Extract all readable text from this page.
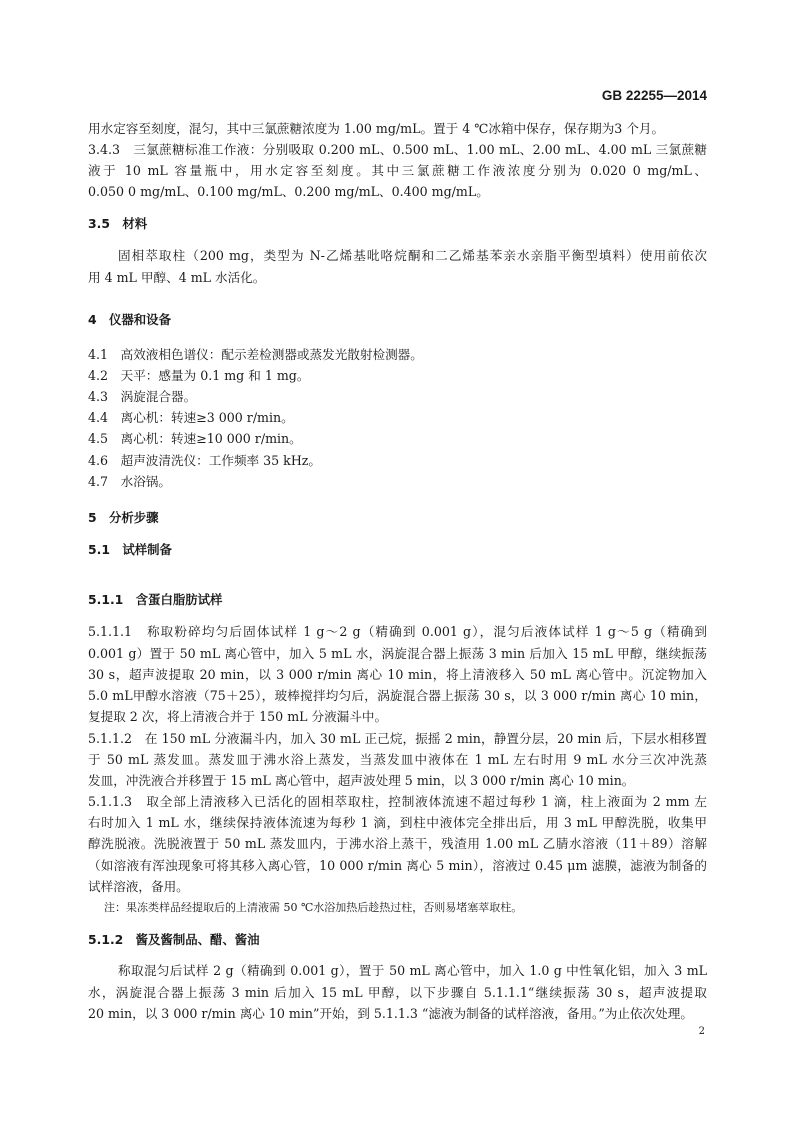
GB 22255—2014
用水定容至刻度，混匀，其中三氯蔗糖浓度为 1.00 mg/mL。置于 4 ℃冰箱中保存，保存期为3 个月。
3.4.3　三氯蔗糖标准工作液：分别吸取 0.200 mL、0.500 mL、1.00 mL、2.00 mL、4.00 mL 三氯蔗糖
液于 10 mL 容量瓶中，用水定容至刻度。其中三氯蔗糖工作液浓度分别为 0.020 0 mg/mL、
0.050 0 mg/mL、0.100 mg/mL、0.200 mg/mL、0.400 mg/mL。
3.5　材料
固相萃取柱（200 mg，类型为 N-乙烯基吡咯烷酮和二乙烯基苯亲水亲脂平衡型填料）使用前依次
用 4 mL 甲醇、4 mL 水活化。
4　仪器和设备
4.1　高效液相色谱仪：配示差检测器或蒸发光散射检测器。
4.2　天平：感量为 0.1 mg 和 1 mg。
4.3　涡旋混合器。
4.4　离心机：转速≥3 000 r/min。
4.5　离心机：转速≥10 000 r/min。
4.6　超声波清洗仪：工作频率 35 kHz。
4.7　水浴锅。
5　分析步骤
5.1　试样制备
5.1.1　含蛋白脂肪试样
5.1.1.1　称取粉碎均匀后固体试样 1 g～2 g（精确到 0.001 g），混匀后液体试样 1 g～5 g（精确到
0.001 g）置于 50 mL 离心管中，加入 5 mL 水，涡旋混合器上振荡 3 min 后加入 15 mL 甲醇，继续振荡
30 s，超声波提取 20 min，以 3 000 r/min 离心 10 min，将上清液移入 50 mL 离心管中。沉淀物加入
5.0 mL甲醇水溶液（75＋25），玻棒搅拌均匀后，涡旋混合器上振荡 30 s，以 3 000 r/min 离心 10 min，
复提取 2 次，将上清液合并于 150 mL 分液漏斗中。
5.1.1.2　在 150 mL 分液漏斗内，加入 30 mL 正己烷，振摇 2 min，静置分层，20 min 后，下层水相移置
于 50 mL 蒸发皿。蒸发皿于沸水浴上蒸发，当蒸发皿中液体在 1 mL 左右时用 9 mL 水分三次冲洗蒸
发皿，冲洗液合并移置于 15 mL 离心管中，超声波处理 5 min，以 3 000 r/min 离心 10 min。
5.1.1.3　取全部上清液移入已活化的固相萃取柱，控制液体流速不超过每秒 1 滴，柱上液面为 2 mm 左
右时加入 1 mL 水，继续保持液体流速为每秒 1 滴，到柱中液体完全排出后，用 3 mL 甲醇洗脱，收集甲
醇洗脱液。洗脱液置于 50 mL 蒸发皿内，于沸水浴上蒸干，残渣用 1.00 mL 乙腈水溶液（11＋89）溶解
（如溶液有浑浊现象可将其移入离心管，10 000 r/min 离心 5 min），溶液过 0.45 μm 滤膜，滤液为制备的
试样溶液，备用。
注：果冻类样品经提取后的上清液需 50 ℃水浴加热后趁热过柱，否则易堵塞萃取柱。
5.1.2　酱及酱制品、醋、酱油
称取混匀后试样 2 g（精确到 0.001 g），置于 50 mL 离心管中，加入 1.0 g 中性氧化铝，加入 3 mL
水，涡旋混合器上振荡 3 min 后加入 15 mL 甲醇，以下步骤自 5.1.1.1“继续振荡 30 s，超声波提取
20 min，以 3 000 r/min 离心 10 min”开始，到 5.1.1.3 “滤液为制备的试样溶液，备用。”为止依次处理。
2
